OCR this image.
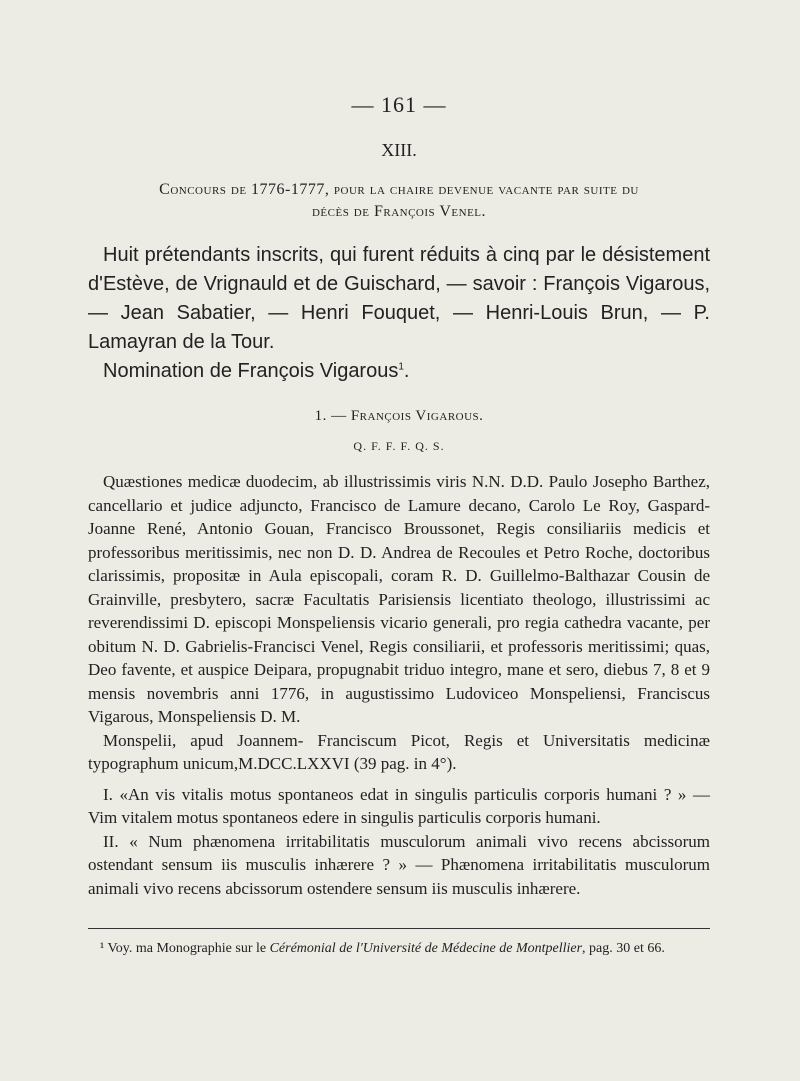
— 161 —
XIII.
Concours de 1776-1777, pour la chaire devenue vacante par suite du
décès de François Venel.

Huit prétendants inscrits, qui furent réduits à cinq par le désistement d'Estève, de Vrignauld et de Guischard, — savoir : François Vigarous, — Jean Sabatier, — Henri Fouquet, — Henri-Louis Brun, — P. Lamayran de la Tour.

Nomination de François Vigarous$^1$.

1. — François Vigarous.
Q. F. F. F. Q. S.

Quæstiones medicæ duodecim, ab illustrissimis viris N.N. D.D. Paulo Josepho Barthez, cancellario et judice adjuncto, Francisco de Lamure decano, Carolo Le Roy, Gaspard-Joanne René, Antonio Gouan, Francisco Broussonet, Regis consiliariis medicis et professoribus meritissimis, nec non D. D. Andrea de Recoules et Petro Roche, doctoribus clarissimis, propositæ in Aula episcopali, coram R. D. Guillelmo-Balthazar Cousin de Grainville, presbytero, sacræ Facultatis Parisiensis licentiato theologo, illustrissimi ac reverendissimi D. episcopi Monspeliensis vicario generali, pro regia cathedra vacante, per obitum N. D. Gabrielis-Francisci Venel, Regis consiliarii, et professoris meritissimi; quas, Deo favente, et auspice Deipara, propugnabit triduo integro, mane et sero, diebus 7, 8 et 9 mensis novembris anni 1776, in augustissimo Ludoviceo Monspeliensi, Franciscus Vigarous, Monspeliensis D. M.

Monspelii, apud Joannem- Franciscum Picot, Regis et Universitatis medicinæ typographum unicum,M.DCC.LXXVI (39 pag. in 4°).

I. «An vis vitalis motus spontaneos edat in singulis particulis corporis humani ? » — Vim vitalem motus spontaneos edere in singulis particulis corporis humani.

II. « Num phænomena irritabilitatis musculorum animali vivo recens abcissorum ostendant sensum iis musculis inhærere ? » — Phænomena irritabilitatis musculorum animali vivo recens abcissorum ostendere sensum iis musculis inhærere.

¹ Voy. ma Monographie sur le Cérémonial de l'Université de Médecine de Montpellier, pag. 30 et 66.
